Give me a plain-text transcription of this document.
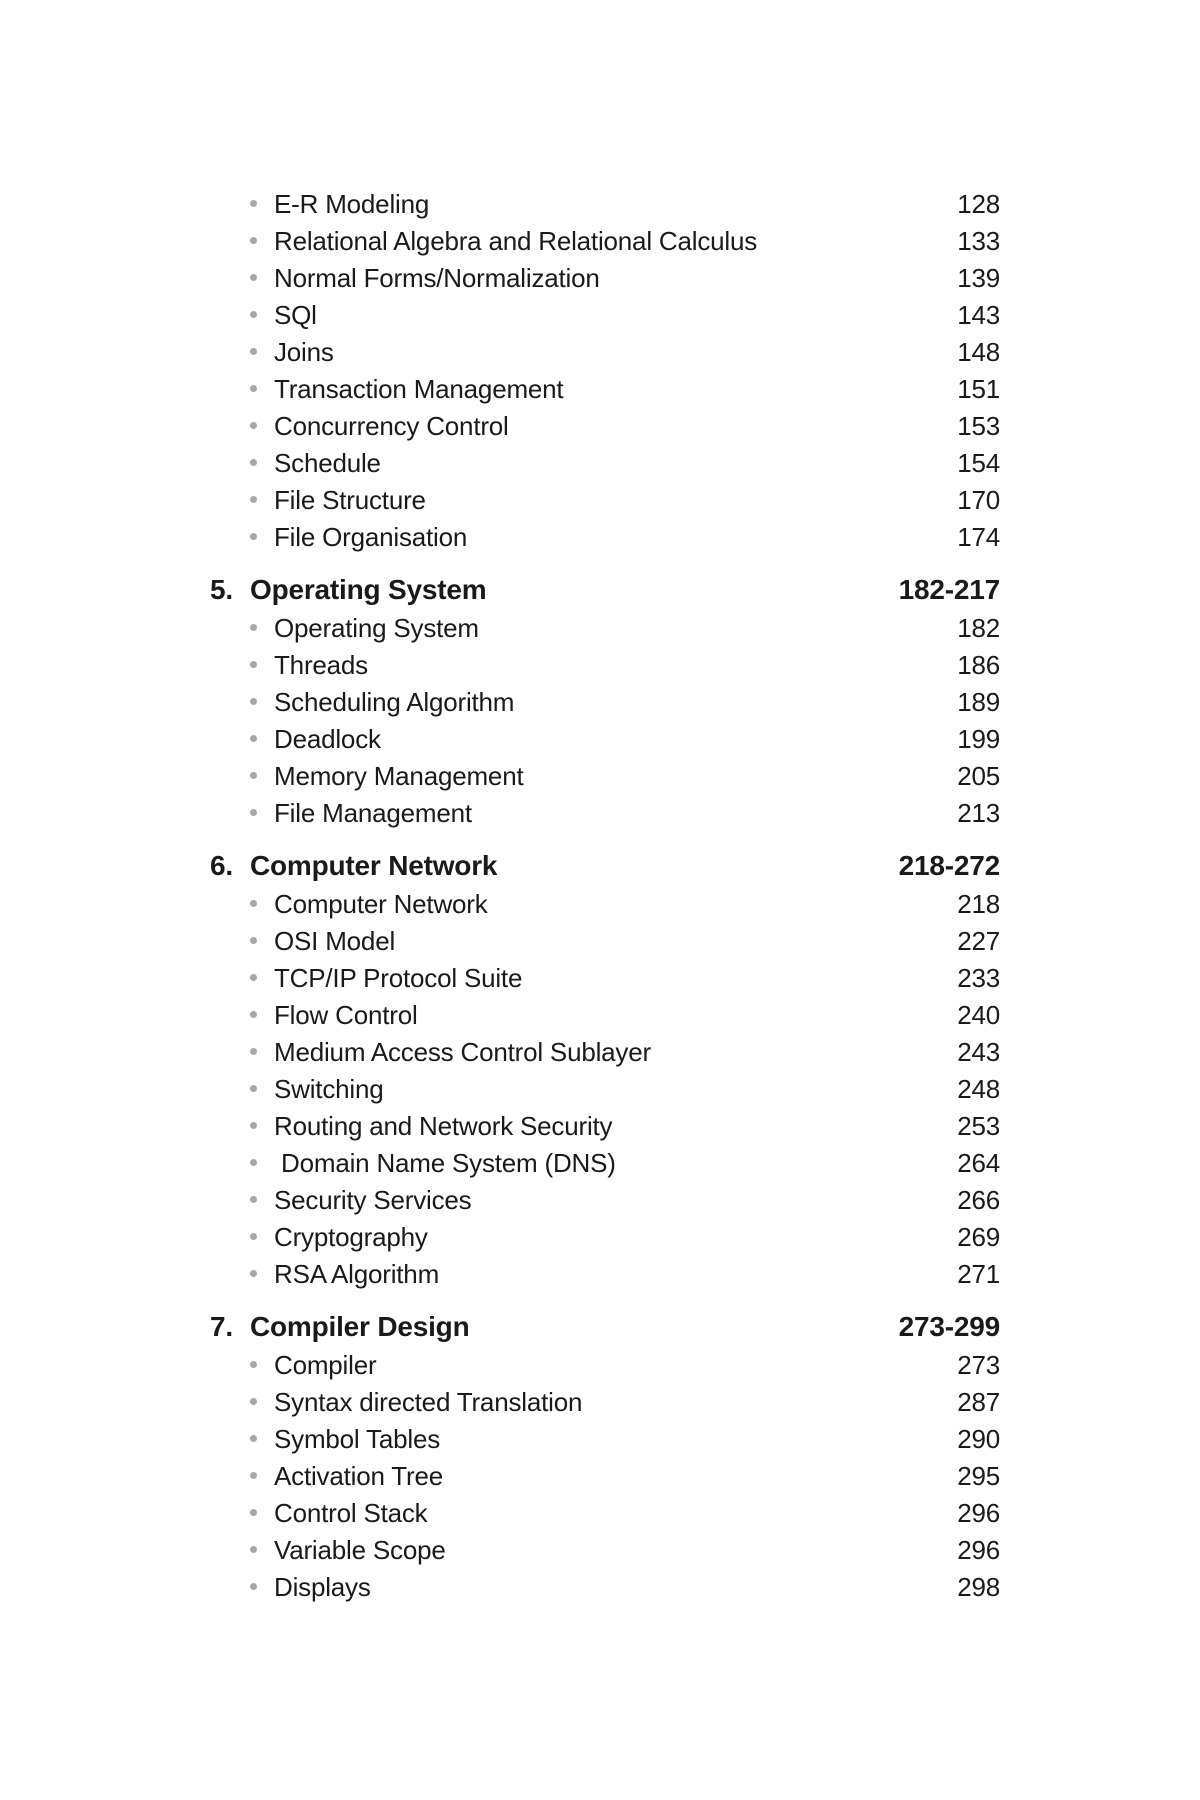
E-R Modeling	128
Relational Algebra and Relational Calculus	133
Normal Forms/Normalization	139
SQl	143
Joins	148
Transaction Management	151
Concurrency Control	153
Schedule	154
File Structure	170
File Organisation	174
5. Operating System	182-217
Operating System	182
Threads	186
Scheduling Algorithm	189
Deadlock	199
Memory Management	205
File Management	213
6. Computer Network	218-272
Computer Network	218
OSI Model	227
TCP/IP Protocol Suite	233
Flow Control	240
Medium Access Control Sublayer	243
Switching	248
Routing and Network Security	253
Domain Name System (DNS)	264
Security Services	266
Cryptography	269
RSA Algorithm	271
7. Compiler Design	273-299
Compiler	273
Syntax directed Translation	287
Symbol Tables	290
Activation Tree	295
Control Stack	296
Variable Scope	296
Displays	298
